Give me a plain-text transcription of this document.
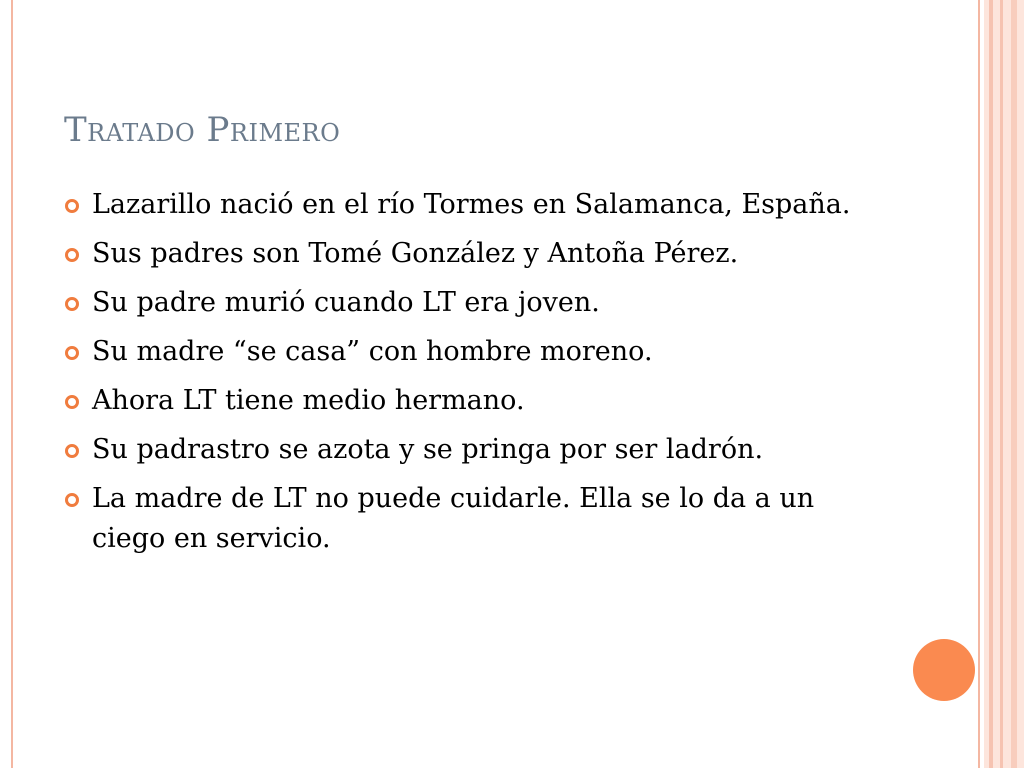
Tratado Primero
Lazarillo nació en el río Tormes en Salamanca, España.
Sus padres son Tomé González y Antoña Pérez.
Su padre murió cuando LT era joven.
Su madre “se casa” con hombre moreno.
Ahora LT tiene medio hermano.
Su padrastro se azota y se pringa por ser ladrón.
La madre de LT no puede cuidarle. Ella se lo da a un ciego en servicio.
